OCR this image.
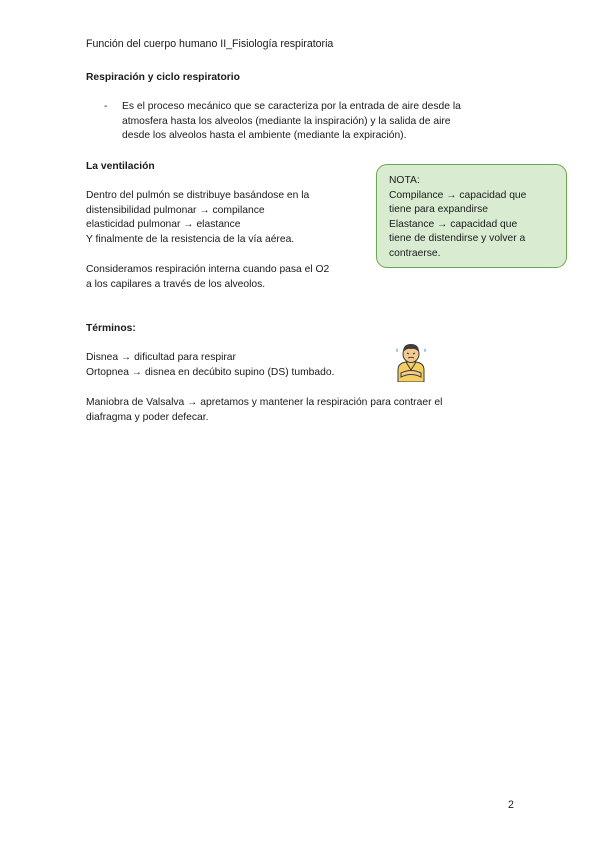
Función del cuerpo humano II_Fisiología respiratoria
Respiración y ciclo respiratorio
- Es el proceso mecánico que se caracteriza por la entrada de aire desde la
atmosfera hasta los alveolos (mediante la inspiración) y la salida de aire
desde los alveolos hasta el ambiente (mediante la expiración).
La ventilación
Dentro del pulmón se distribuye basándose en la
distensibilidad pulmonar → compilance
elasticidad pulmonar → elastance
Y finalmente de la resistencia de la vía aérea.
Consideramos respiración interna cuando pasa el O2
a los capilares a través de los alveolos.
NOTA:
Compilance → capacidad que
tiene para expandirse
Elastance → capacidad que
tiene de distendirse y volver a
contraerse.
Términos:
Disnea → dificultad para respirar
Ortopnea → disnea en decúbito supino (DS) tumbado.
Maniobra de Valsalva → apretamos y mantener la respiración para contraer el
diafragma y poder defecar.
2
